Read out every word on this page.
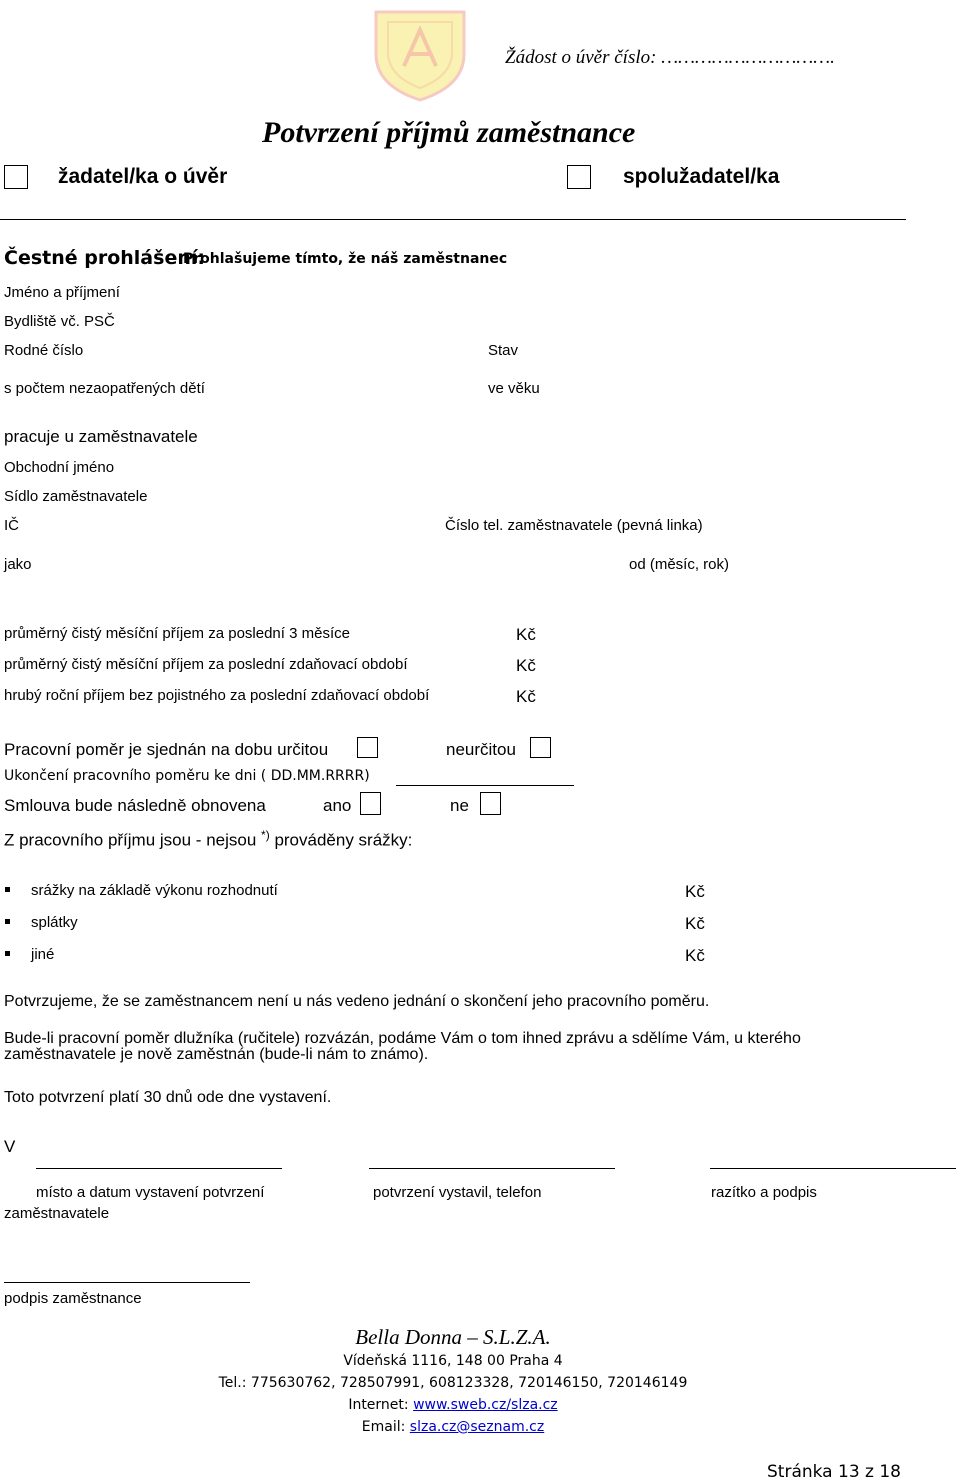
Žádost o úvěr číslo: ………………………….
Potvrzení příjmů zaměstnance
žadatel/ka o úvěr	spolužadatel/ka
Čestné prohlášení:
Prohlašujeme tímto, že náš zaměstnanec
Jméno a příjmení
Bydliště vč. PSČ
Rodné číslo	Stav
s počtem nezaopatřených dětí	ve věku
pracuje u zaměstnavatele
Obchodní jméno
Sídlo zaměstnavatele
IČ	Číslo tel. zaměstnavatele (pevná linka)
jako	od (měsíc, rok)
průměrný čistý měsíční příjem za poslední 3 měsíce	Kč
průměrný čistý měsíční příjem za poslední zdaňovací období	Kč
hrubý roční příjem bez pojistného za poslední zdaňovací období	Kč
Pracovní poměr je sjednán na dobu určitou	neurčitou
Ukončení pracovního poměru ke dni ( DD.MM.RRRR)
Smlouva bude následně obnovena	ano	ne
Z pracovního příjmu jsou - nejsou *) prováděny srážky:
srážky na základě výkonu rozhodnutí	Kč
splátky	Kč
jiné	Kč
Potvrzujeme, že se zaměstnancem není u nás vedeno jednání o skončení jeho pracovního poměru.
Bude-li pracovní poměr dlužníka (ručitele) rozvázán, podáme Vám o tom ihned zprávu a sdělíme Vám, u kterého
zaměstnavatele je nově zaměstnán (bude-li nám to známo).
Toto potvrzení platí 30 dnů ode dne vystavení.
V
místo a datum vystavení potvrzení
zaměstnavatele
potvrzení vystavil, telefon	razítko a podpis
podpis zaměstnance
Bella Donna – S.L.Z.A.
Vídeňská 1116, 148 00 Praha 4
Tel.: 775630762, 728507991, 608123328, 720146150, 720146149
Internet: www.sweb.cz/slza.cz
Email: slza.cz@seznam.cz
Stránka 13 z 18
